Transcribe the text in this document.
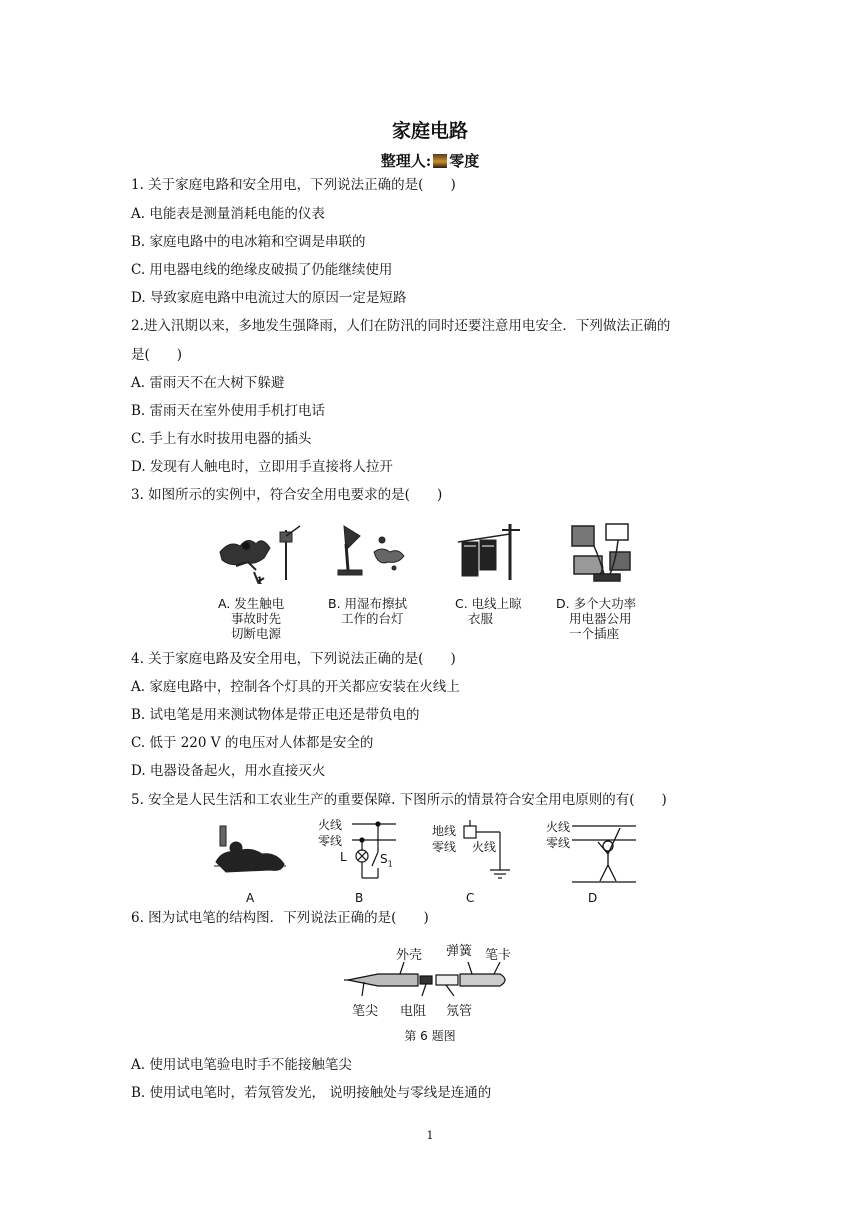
家庭电路
整理人: 零度
1. 关于家庭电路和安全用电，下列说法正确的是(　　)
A. 电能表是测量消耗电能的仪表
B. 家庭电路中的电冰箱和空调是串联的
C. 用电器电线的绝缘皮破损了仍能继续使用
D. 导致家庭电路中电流过大的原因一定是短路
2.进入汛期以来，多地发生强降雨，人们在防汛的同时还要注意用电安全．下列做法正确的
是(　　)
A. 雷雨天不在大树下躲避
B. 雷雨天在室外使用手机打电话
C. 手上有水时拔用电器的插头
D. 发现有人触电时，立即用手直接将人拉开
3. 如图所示的实例中，符合安全用电要求的是(　　)
1
A. 发生触电
事故时先
切断电源
B. 用湿布擦拭
工作的台灯
C. 电线上晾
衣服
D. 多个大功率
用电器公用
一个插座
4. 关于家庭电路及安全用电，下列说法正确的是(　　)
A. 家庭电路中，控制各个灯具的开关都应安装在火线上
B. 试电笔是用来测试物体是带正电还是带负电的
C. 低于 220 V 的电压对人体都是安全的
D. 电器设备起火，用水直接灭火
5. 安全是人民生活和工农业生产的重要保障. 下图所示的情景符合安全用电原则的有(　　)
火线
零线
L	$S_1$
地线
零线 火线
火线
零线
A	B	C	D
6. 图为试电笔的结构图．下列说法正确的是(　　)
外壳 弹簧 笔卡
笔尖 电阻 氖管
第 6 题图
A. 使用试电笔验电时手不能接触笔尖
B. 使用试电笔时，若氖管发光， 说明接触处与零线是连通的
1
